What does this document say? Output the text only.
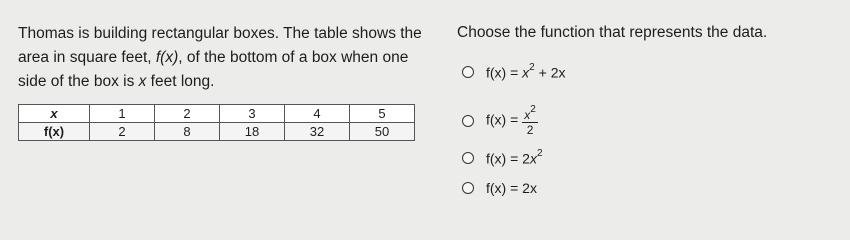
Thomas is building rectangular boxes. The table shows the area in square feet, f(x), of the bottom of a box when one side of the box is x feet long.
x	1	2	3	4	5
f(x)	2	8	18	32	50
Choose the function that represents the data.
$f(x) = x^2 + 2x$
$f(x) = \frac{x^2}{2}$
$f(x) = 2x^2$
f(x) = 2x
